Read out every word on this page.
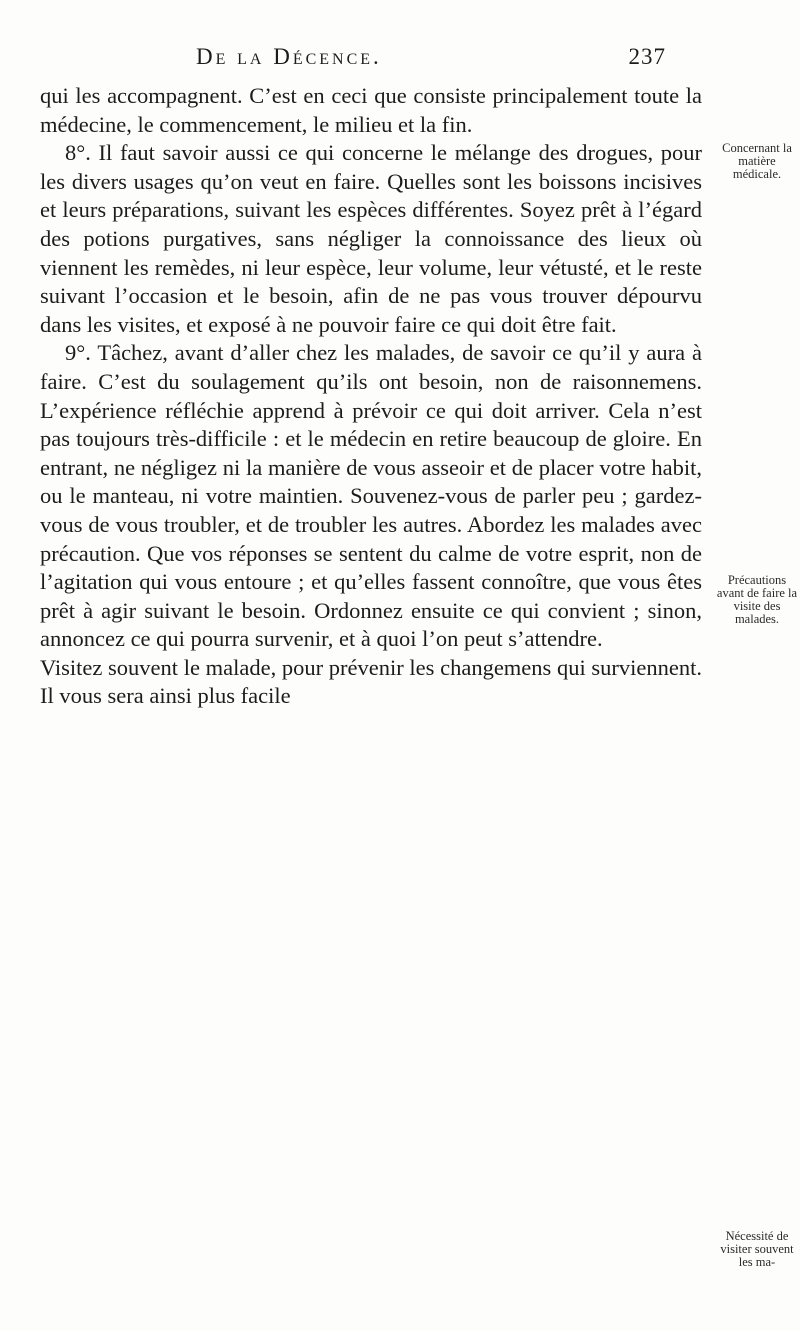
De la Décence.	237

qui les accompagnent. C’est en ceci que consiste principalement toute la médecine, le commencement, le milieu et la fin.

8°. Il faut savoir aussi ce qui concerne le mélange des drogues, pour les divers usages qu’on veut en faire. Quelles sont les boissons incisives et leurs préparations, suivant les espèces différentes. Soyez prêt à l’égard des potions purgatives, sans négliger la connoissance des lieux où viennent les remèdes, ni leur espèce, leur volume, leur vétusté, et le reste suivant l’occasion et le besoin, afin de ne pas vous trouver dépourvu dans les visites, et exposé à ne pouvoir faire ce qui doit être fait.

9°. Tâchez, avant d’aller chez les malades, de savoir ce qu’il y aura à faire. C’est du soulagement qu’ils ont besoin, non de raisonnemens. L’expérience réfléchie apprend à prévoir ce qui doit arriver. Cela n’est pas toujours très-difficile : et le médecin en retire beaucoup de gloire. En entrant, ne négligez ni la manière de vous asseoir et de placer votre habit, ou le manteau, ni votre maintien. Souvenez-vous de parler peu ; gardez-vous de vous troubler, et de troubler les autres. Abordez les malades avec précaution. Que vos réponses se sentent du calme de votre esprit, non de l’agitation qui vous entoure ; et qu’elles fassent connoître, que vous êtes prêt à agir suivant le besoin. Ordonnez ensuite ce qui convient ; sinon, annoncez ce qui pourra survenir, et à quoi l’on peut s’attendre.

Visitez souvent le malade, pour prévenir les changemens qui surviennent. Il vous sera ainsi plus facile

Concernant la matière médicale.
Précautions avant de faire la visite des malades.
Nécessité de visiter souvent les ma-
